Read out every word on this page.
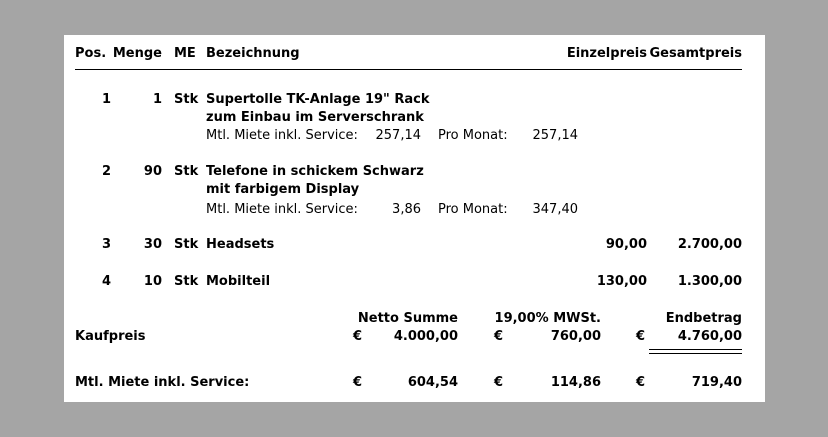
Pos. Menge ME Bezeichnung	Einzelpreis Gesamtpreis
1	1 Stk Supertolle TK-Anlage 19" Rack
zum Einbau im Serverschrank
Mtl. Miete inkl. Service:	257,14 Pro Monat:	257,14
2	90 Stk Telefone in schickem Schwarz
mit farbigem Display
Mtl. Miete inkl. Service:	3,86 Pro Monat:	347,40
3	30 Stk Headsets	90,00	2.700,00
4	10 Stk Mobilteil	130,00	1.300,00
Netto Summe	19,00% MWSt.	Endbetrag
Kaufpreis	€	4.000,00	€	760,00	€	4.760,00
Mtl. Miete inkl. Service:	€	604,54	€	114,86	€	719,40
